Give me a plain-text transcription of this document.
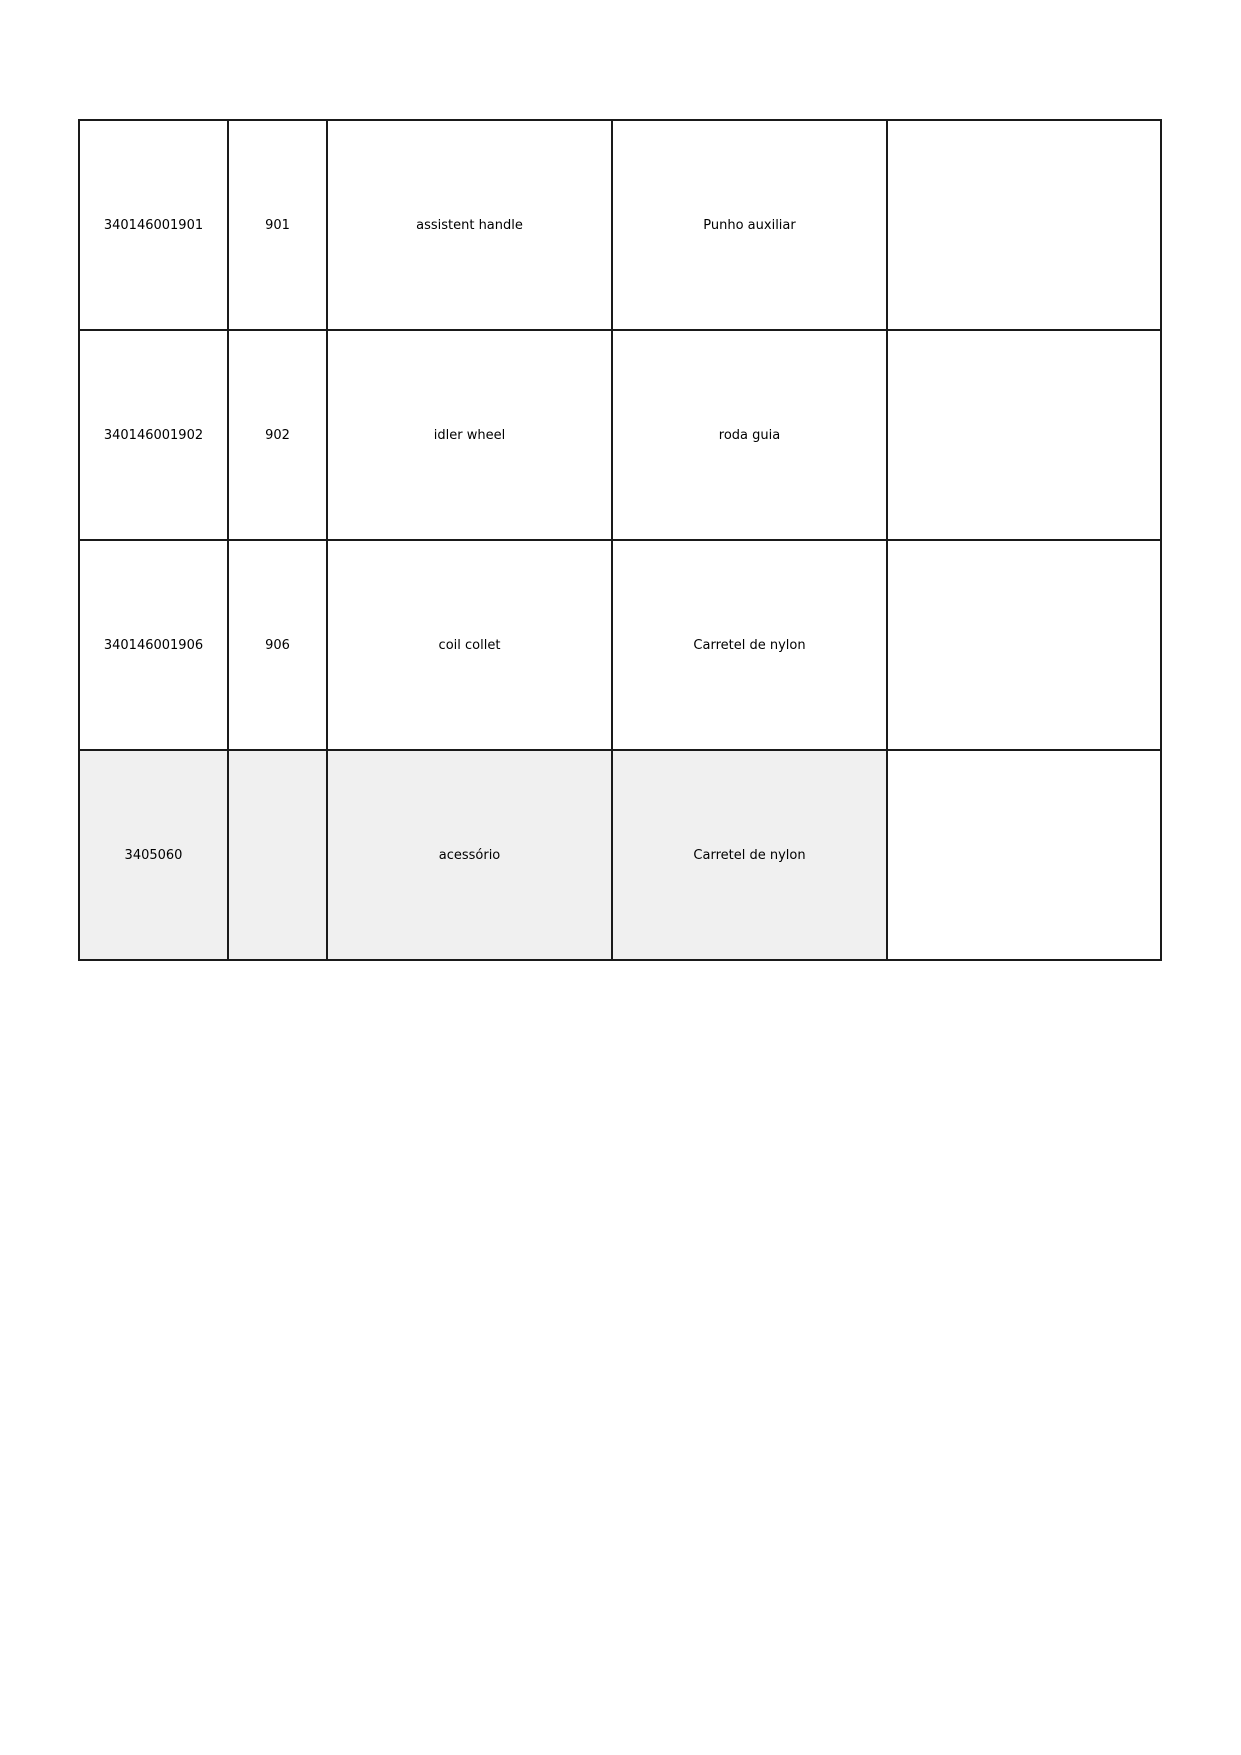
340146001901	901	assistent handle	Punho auxiliar	
340146001902	902	idler wheel	roda guia	
340146001906	906	coil collet	Carretel de nylon	
3405060		acessório	Carretel de nylon	
